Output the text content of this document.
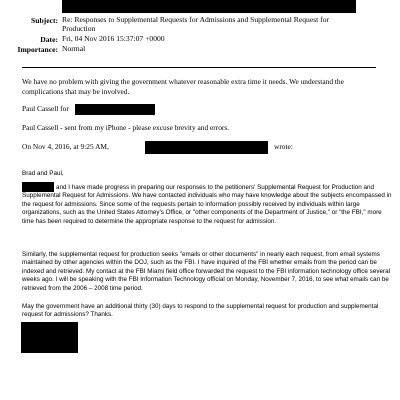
Subject: Re: Responses to Supplemental Requests for Admissions and Supplemental Request for Production
Date: Fri, 04 Nov 2016 15:37:07 +0000
Importance: Normal
We have no problem with giving the government whatever reasonable extra time it needs. We understand the complications that may be involved.
Paul Cassell for
Paul Cassell - sent from my iPhone - please excuse brevity and errors.
On Nov 4, 2016, at 9:25 AM,	wrote:
Brad and Paul,
and I have made progress in preparing our responses to the petitioners' Supplemental Request for Production and Supplemental Request for Admissions. We have contacted individuals who may have knowledge about the subjects encompassed in the request for admissions. Since some of the requests pertain to information possibly received by individuals within large organizations, such as the United States Attorney's Office, or "other components of the Department of Justice," or "the FBI," more time has been required to determine the appropriate response to the request for admission.
Similarly, the supplemental request for production seeks "emails or other documents" in nearly each request, from email systems maintained by other agencies within the DOJ, such as the FBI. I have inquired of the FBI whether emails from the period can be indexed and retrieved. My contact at the FBI Miami field office forwarded the request to the FBI information technology office several weeks ago. I will be speaking with the FBI Information Technology official on Monday, November 7, 2016, to see what emails can be retrieved from the 2006 – 2008 time period.
May the government have an additional thirty (30) days to respond to the supplemental request for production and supplemental request for admissions? Thanks.
